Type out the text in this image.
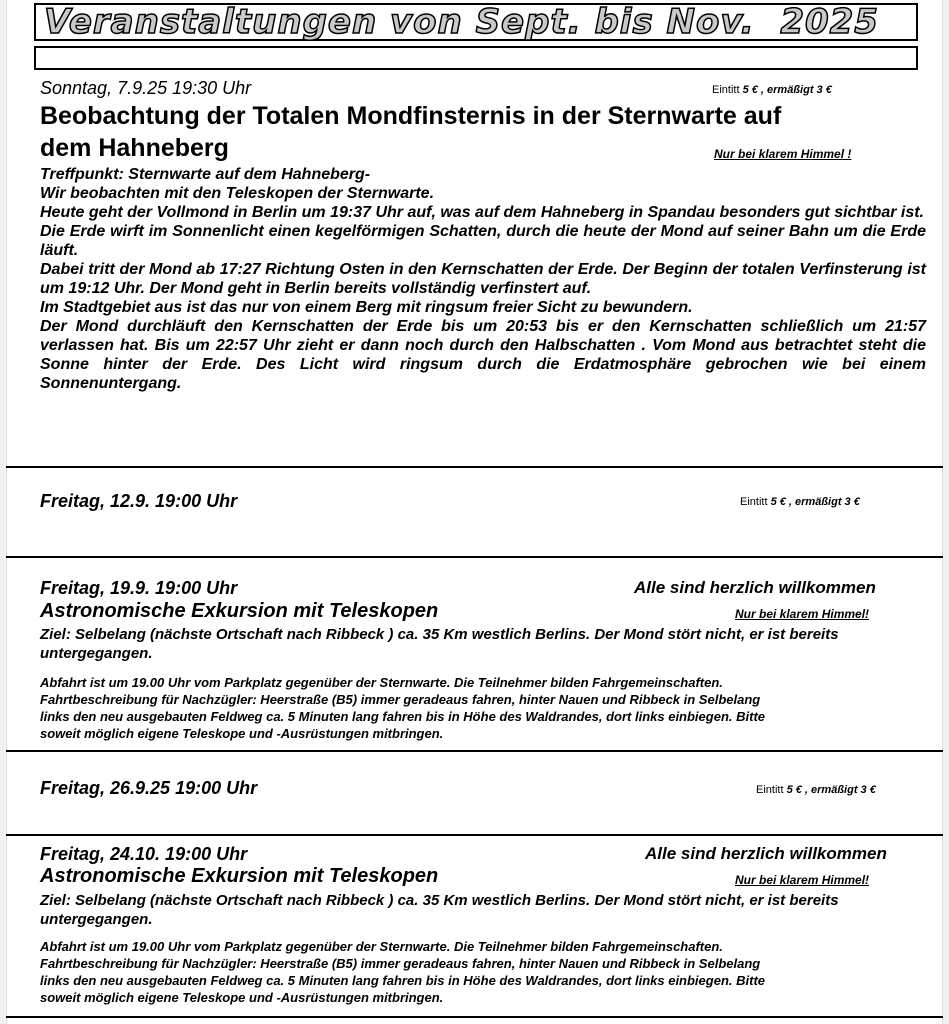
Veranstaltungen von Sept. bis Nov.  2025
Sonntag, 7.9.25 19:30 Uhr	Eintitt 5 € , ermäßigt 3 €
Beobachtung der Totalen Mondfinsternis in der Sternwarte auf
dem Hahneberg	Nur bei klarem Himmel !

Treffpunkt: Sternwarte auf dem Hahneberg-

Wir beobachten mit den Teleskopen der Sternwarte.

Heute geht der Vollmond in Berlin um 19:37 Uhr auf, was auf dem Hahneberg in Spandau besonders gut sichtbar ist.

Die Erde wirft im Sonnenlicht einen kegelförmigen Schatten, durch die heute der Mond auf seiner Bahn um die Erde läuft.

Dabei tritt der Mond ab 17:27 Richtung Osten in den Kernschatten der Erde. Der Beginn der totalen Verfinsterung ist um 19:12 Uhr. Der Mond geht in Berlin bereits vollständig verfinstert auf.

Im Stadtgebiet aus ist das nur von einem Berg mit ringsum freier Sicht zu bewundern.

Der Mond durchläuft den Kernschatten der Erde bis um 20:53 bis er den Kernschatten schließlich um 21:57 verlassen hat. Bis um 22:57 Uhr zieht er dann noch durch den Halbschatten . Vom Mond aus betrachtet steht die Sonne hinter der Erde. Des Licht wird ringsum durch die Erdatmosphäre gebrochen wie bei einem Sonnenuntergang.

Freitag, 12.9. 19:00 Uhr	Eintitt 5 € , ermäßigt 3 €
Freitag, 19.9. 19:00 Uhr	Alle sind herzlich willkommen
Astronomische Exkursion mit Teleskopen	Nur bei klarem Himmel!
Ziel: Selbelang (nächste Ortschaft nach Ribbeck ) ca. 35 Km westlich Berlins. Der Mond stört nicht, er ist bereits untergegangen.

Abfahrt ist um 19.00 Uhr vom Parkplatz gegenüber der Sternwarte. Die Teilnehmer bilden Fahrgemeinschaften.

Fahrtbeschreibung für Nachzügler: Heerstraße (B5) immer geradeaus fahren, hinter Nauen und Ribbeck in Selbelang

links den neu ausgebauten Feldweg ca. 5 Minuten lang fahren bis in Höhe des Waldrandes, dort links einbiegen. Bitte

soweit möglich eigene Teleskope und -Ausrüstungen mitbringen.

Freitag, 26.9.25 19:00 Uhr	Eintitt 5 € , ermäßigt 3 €
Freitag, 24.10. 19:00 Uhr	Alle sind herzlich willkommen
Astronomische Exkursion mit Teleskopen	Nur bei klarem Himmel!
Ziel: Selbelang (nächste Ortschaft nach Ribbeck ) ca. 35 Km westlich Berlins. Der Mond stört nicht, er ist bereits untergegangen.

Abfahrt ist um 19.00 Uhr vom Parkplatz gegenüber der Sternwarte. Die Teilnehmer bilden Fahrgemeinschaften.

Fahrtbeschreibung für Nachzügler: Heerstraße (B5) immer geradeaus fahren, hinter Nauen und Ribbeck in Selbelang

links den neu ausgebauten Feldweg ca. 5 Minuten lang fahren bis in Höhe des Waldrandes, dort links einbiegen. Bitte

soweit möglich eigene Teleskope und -Ausrüstungen mitbringen.
